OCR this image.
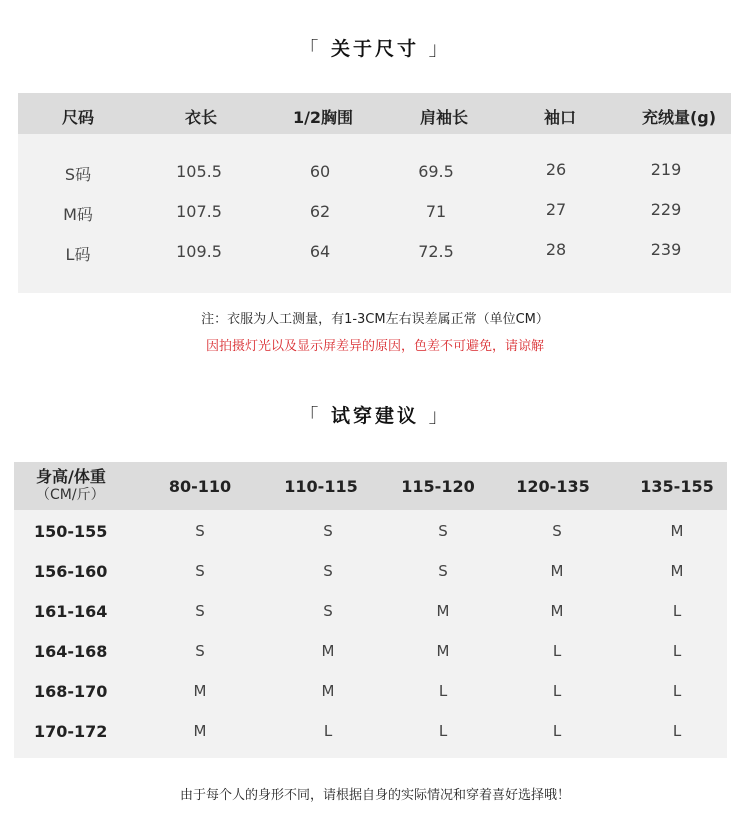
「 关于尺寸 」
尺码	衣长	1/2胸围	肩袖长	袖口	充绒量(g)
S码	105.5	60	69.5	26	219
M码	107.5	62	71	27	229
L码	109.5	64	72.5	28	239
注：衣服为人工测量，有1-3CM左右误差属正常（单位CM）
因拍摄灯光以及显示屏差异的原因，色差不可避免，请谅解
「 试穿建议 」
身高/体重
（CM/斤）	80-110	110-115	115-120	120-135	135-155
150-155	S	S	S	S	M
156-160	S	S	S	M	M
161-164	S	S	M	M	L
164-168	S	M	M	L	L
168-170	M	M	L	L	L
170-172	M	L	L	L	L
由于每个人的身形不同，请根据自身的实际情况和穿着喜好选择哦！
